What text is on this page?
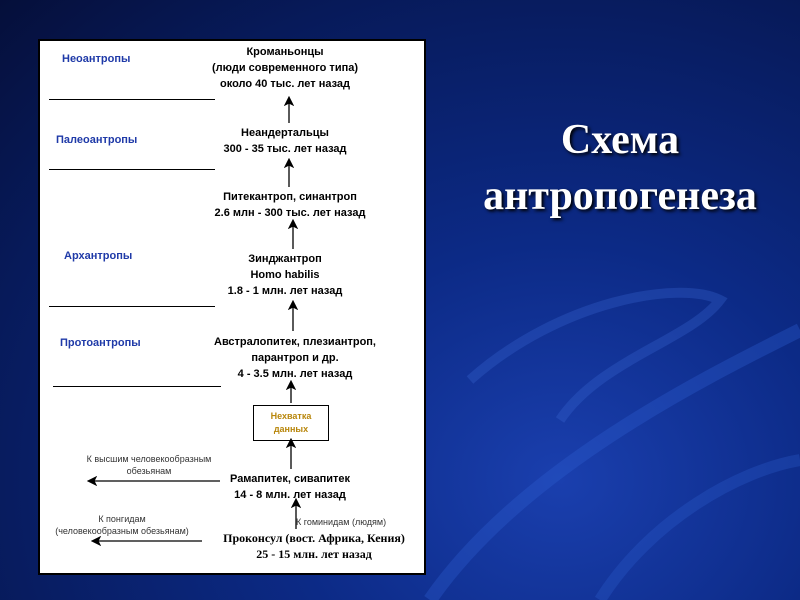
Схема
антропогенеза
Неоантропы
Палеоантропы
Архантропы
Протоантропы
Кроманьонцы
(люди современного типа)
около 40 тыс. лет назад
Неандертальцы
300 - 35 тыс. лет назад
Питекантроп, синантроп
2.6 млн - 300 тыс. лет назад
Зинджантроп
Homo habilis
1.8 - 1 млн. лет назад
Австралопитек, плезиантроп,
парантроп и др.
4 - 3.5 млн. лет назад
Нехватка
данных
Рамапитек, сивапитек
14 - 8 млн. лет назад
Проконсул (вост. Африка, Кения)
25 - 15 млн. лет назад
К высшим человекообразным
обезьянам
К понгидам
(человекообразным обезьянам)
К гоминидам (людям)
